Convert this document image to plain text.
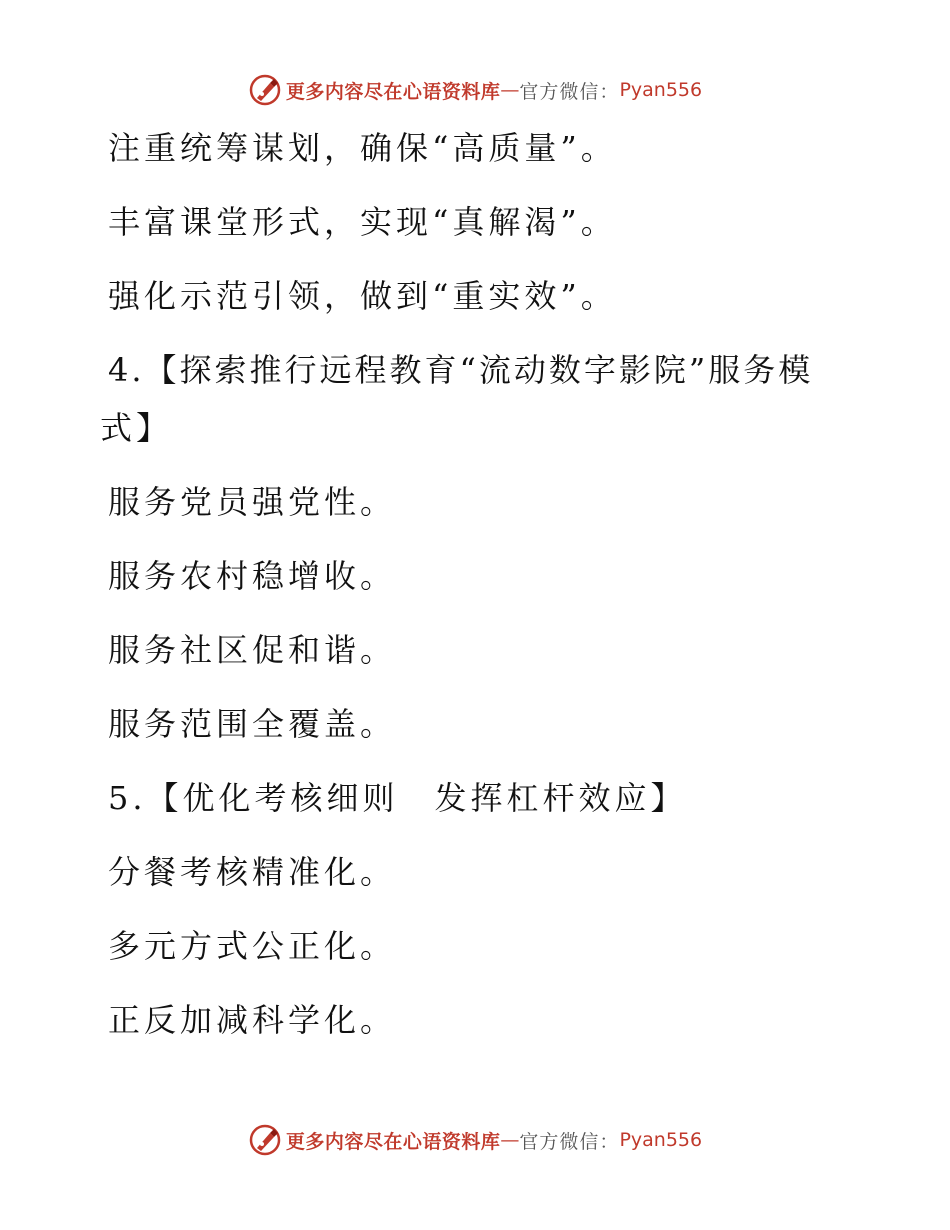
更多内容尽在心语资料库 — 官方微信： Pyan556
注重统筹谋划，确保“高质量”。
丰富课堂形式，实现“真解渴”。
强化示范引领，做到“重实效”。
4.【探索推行远程教育“流动数字影院”服务模
式】
服务党员强党性。
服务农村稳增收。
服务社区促和谐。
服务范围全覆盖。
5.【优化考核细则　发挥杠杆效应】
分餐考核精准化。
多元方式公正化。
正反加减科学化。
更多内容尽在心语资料库 — 官方微信： Pyan556
